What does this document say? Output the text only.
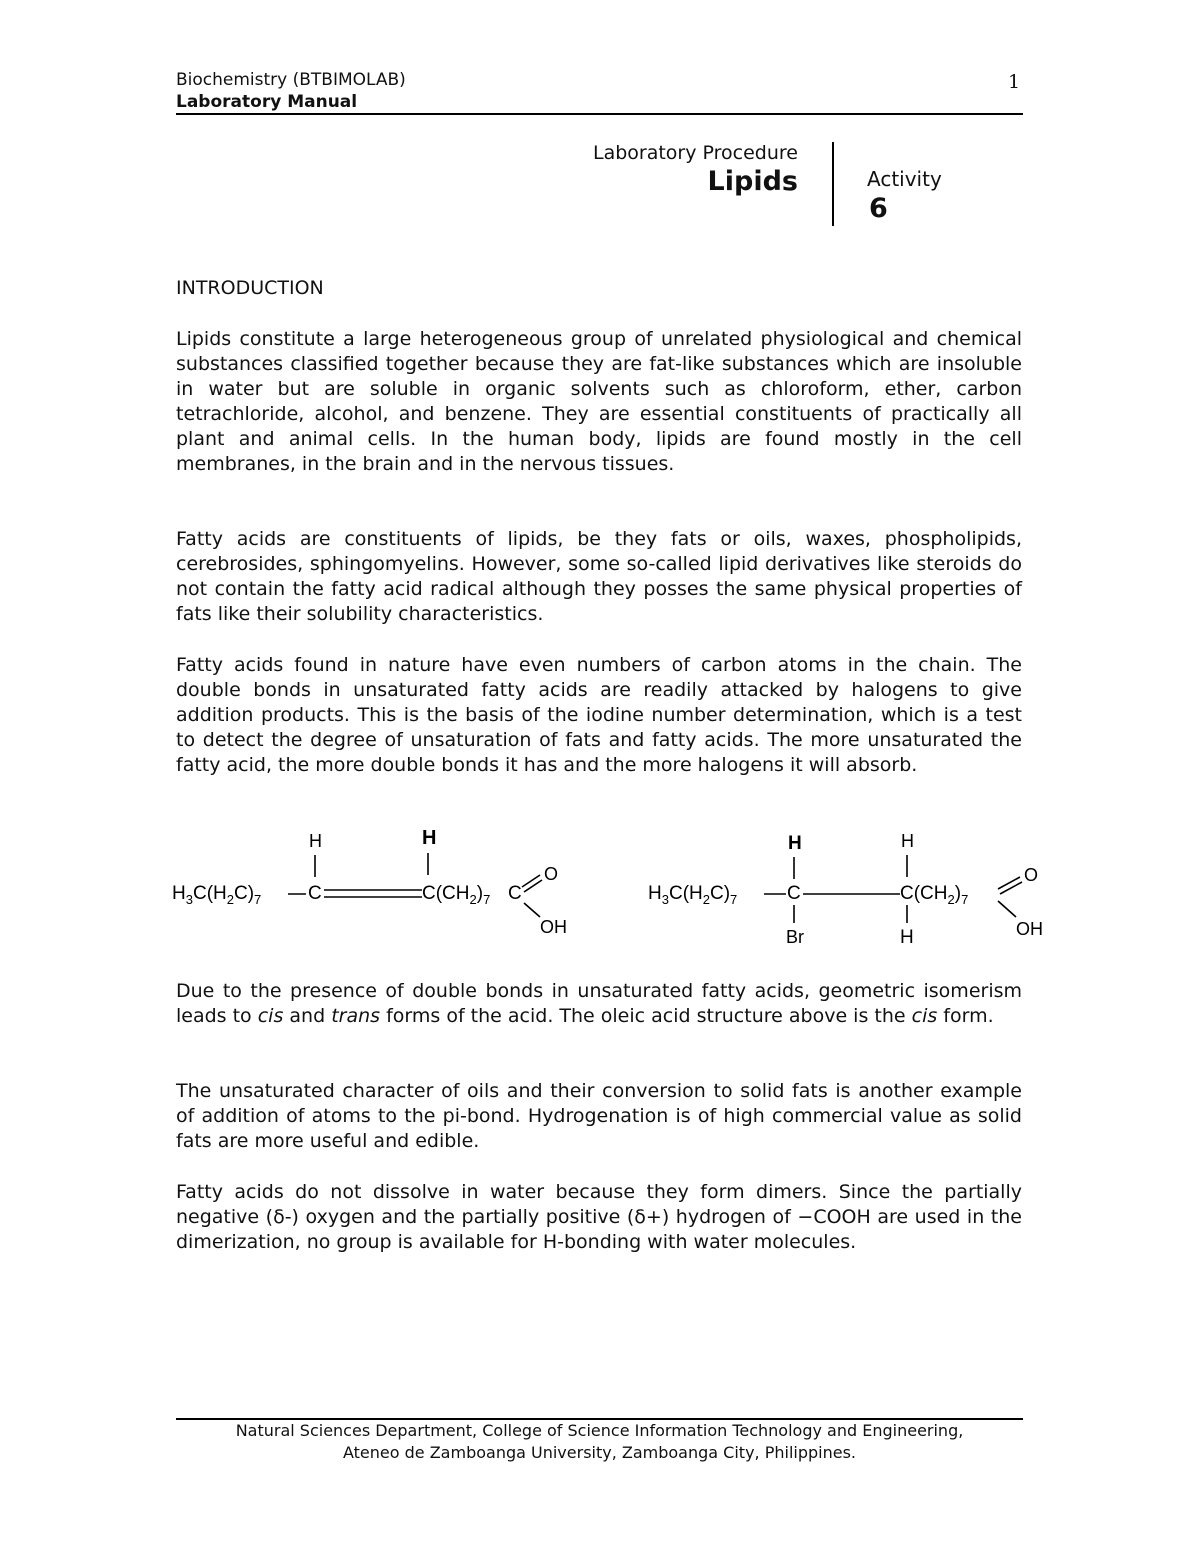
Biochemistry (BTBIMOLAB)
Laboratory Manual
1
Laboratory Procedure
Lipids	Activity
6
INTRODUCTION

Lipids constitute a large heterogeneous group of unrelated physiological and chemical substances classified together because they are fat-like substances which are insoluble in water but are soluble in organic solvents such as chloroform, ether, carbon tetrachloride, alcohol, and benzene. They are essential constituents of practically all plant and animal cells. In the human body, lipids are found mostly in the cell membranes, in the brain and in the nervous tissues.

Fatty acids are constituents of lipids, be they fats or oils, waxes, phospholipids, cerebrosides, sphingomyelins. However, some so-called lipid derivatives like steroids do not contain the fatty acid radical although they posses the same physical properties of fats like their solubility characteristics.

Fatty acids found in nature have even numbers of carbon atoms in the chain. The double bonds in unsaturated fatty acids are readily attacked by halogens to give addition products. This is the basis of the iodine number determination, which is a test to detect the degree of unsaturation of fats and fatty acids. The more unsaturated the fatty acid, the more double bonds it has and the more halogens it will absorb.

H	H
$H_3C(H_2C)_7$ C	$C(CH_2)_7$ C
O
OH
H	H
$H_3C(H_2C)_7$	C	$C(CH_2)_7$
Br	H
O
OH

Due to the presence of double bonds in unsaturated fatty acids, geometric isomerism leads to cis and trans forms of the acid. The oleic acid structure above is the cis form.

The unsaturated character of oils and their conversion to solid fats is another example of addition of atoms to the pi-bond. Hydrogenation is of high commercial value as solid fats are more useful and edible.

Fatty acids do not dissolve in water because they form dimers. Since the partially negative (δ-) oxygen and the partially positive (δ+) hydrogen of −COOH are used in the dimerization, no group is available for H-bonding with water molecules.

Natural Sciences Department, College of Science Information Technology and Engineering,
Ateneo de Zamboanga University, Zamboanga City, Philippines.
